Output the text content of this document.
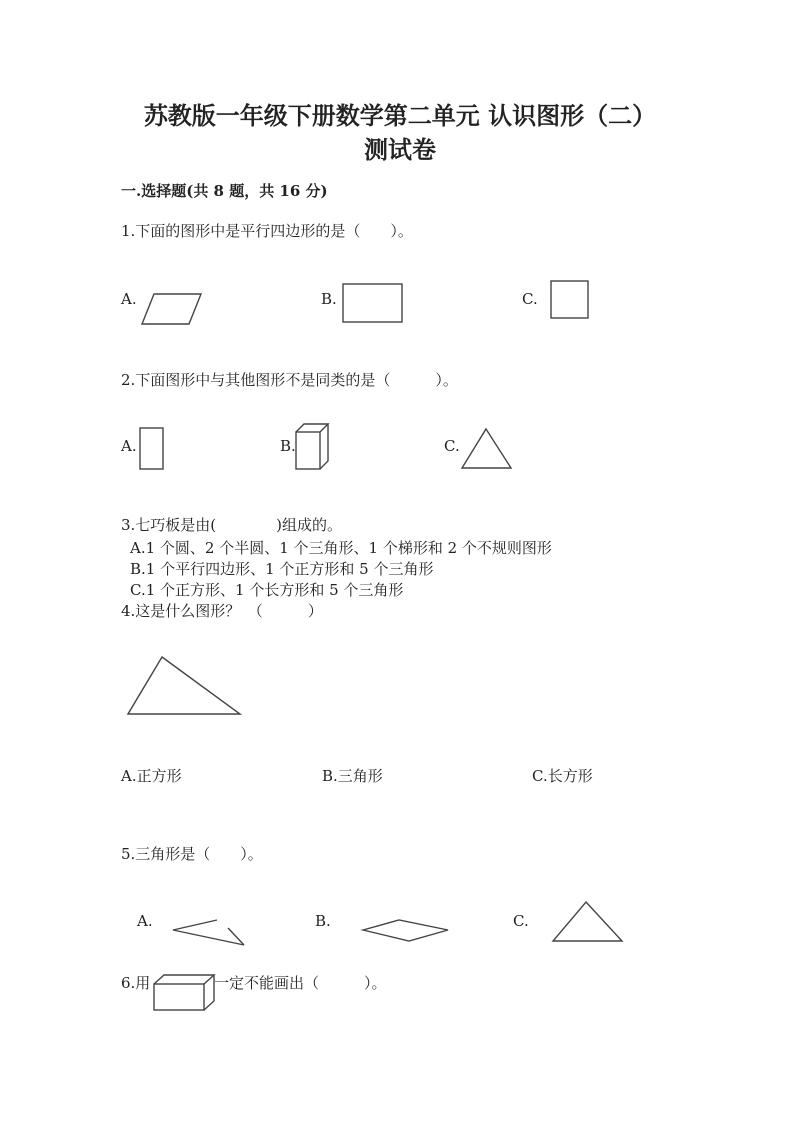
苏教版一年级下册数学第二单元 认识图形（二）
测试卷
一.选择题(共 8 题，共 16 分)
1.下面的图形中是平行四边形的是（　　）。
A.	B.	C.
2.下面图形中与其他图形不是同类的是（　　　）。
A.	B.	C.
3.七巧板是由(　　　　)组成的。
A.1 个圆、2 个半圆、1 个三角形、1 个梯形和 2 个不规则图形
B.1 个平行四边形、1 个正方形和 5 个三角形
C.1 个正方形、1 个长方形和 5 个三角形
4.这是什么图形？　（　　　）
A.正方形	B.三角形	C.长方形
5.三角形是（　　）。
A.	B.	C.
6.用	一定不能画出（　　　）。
